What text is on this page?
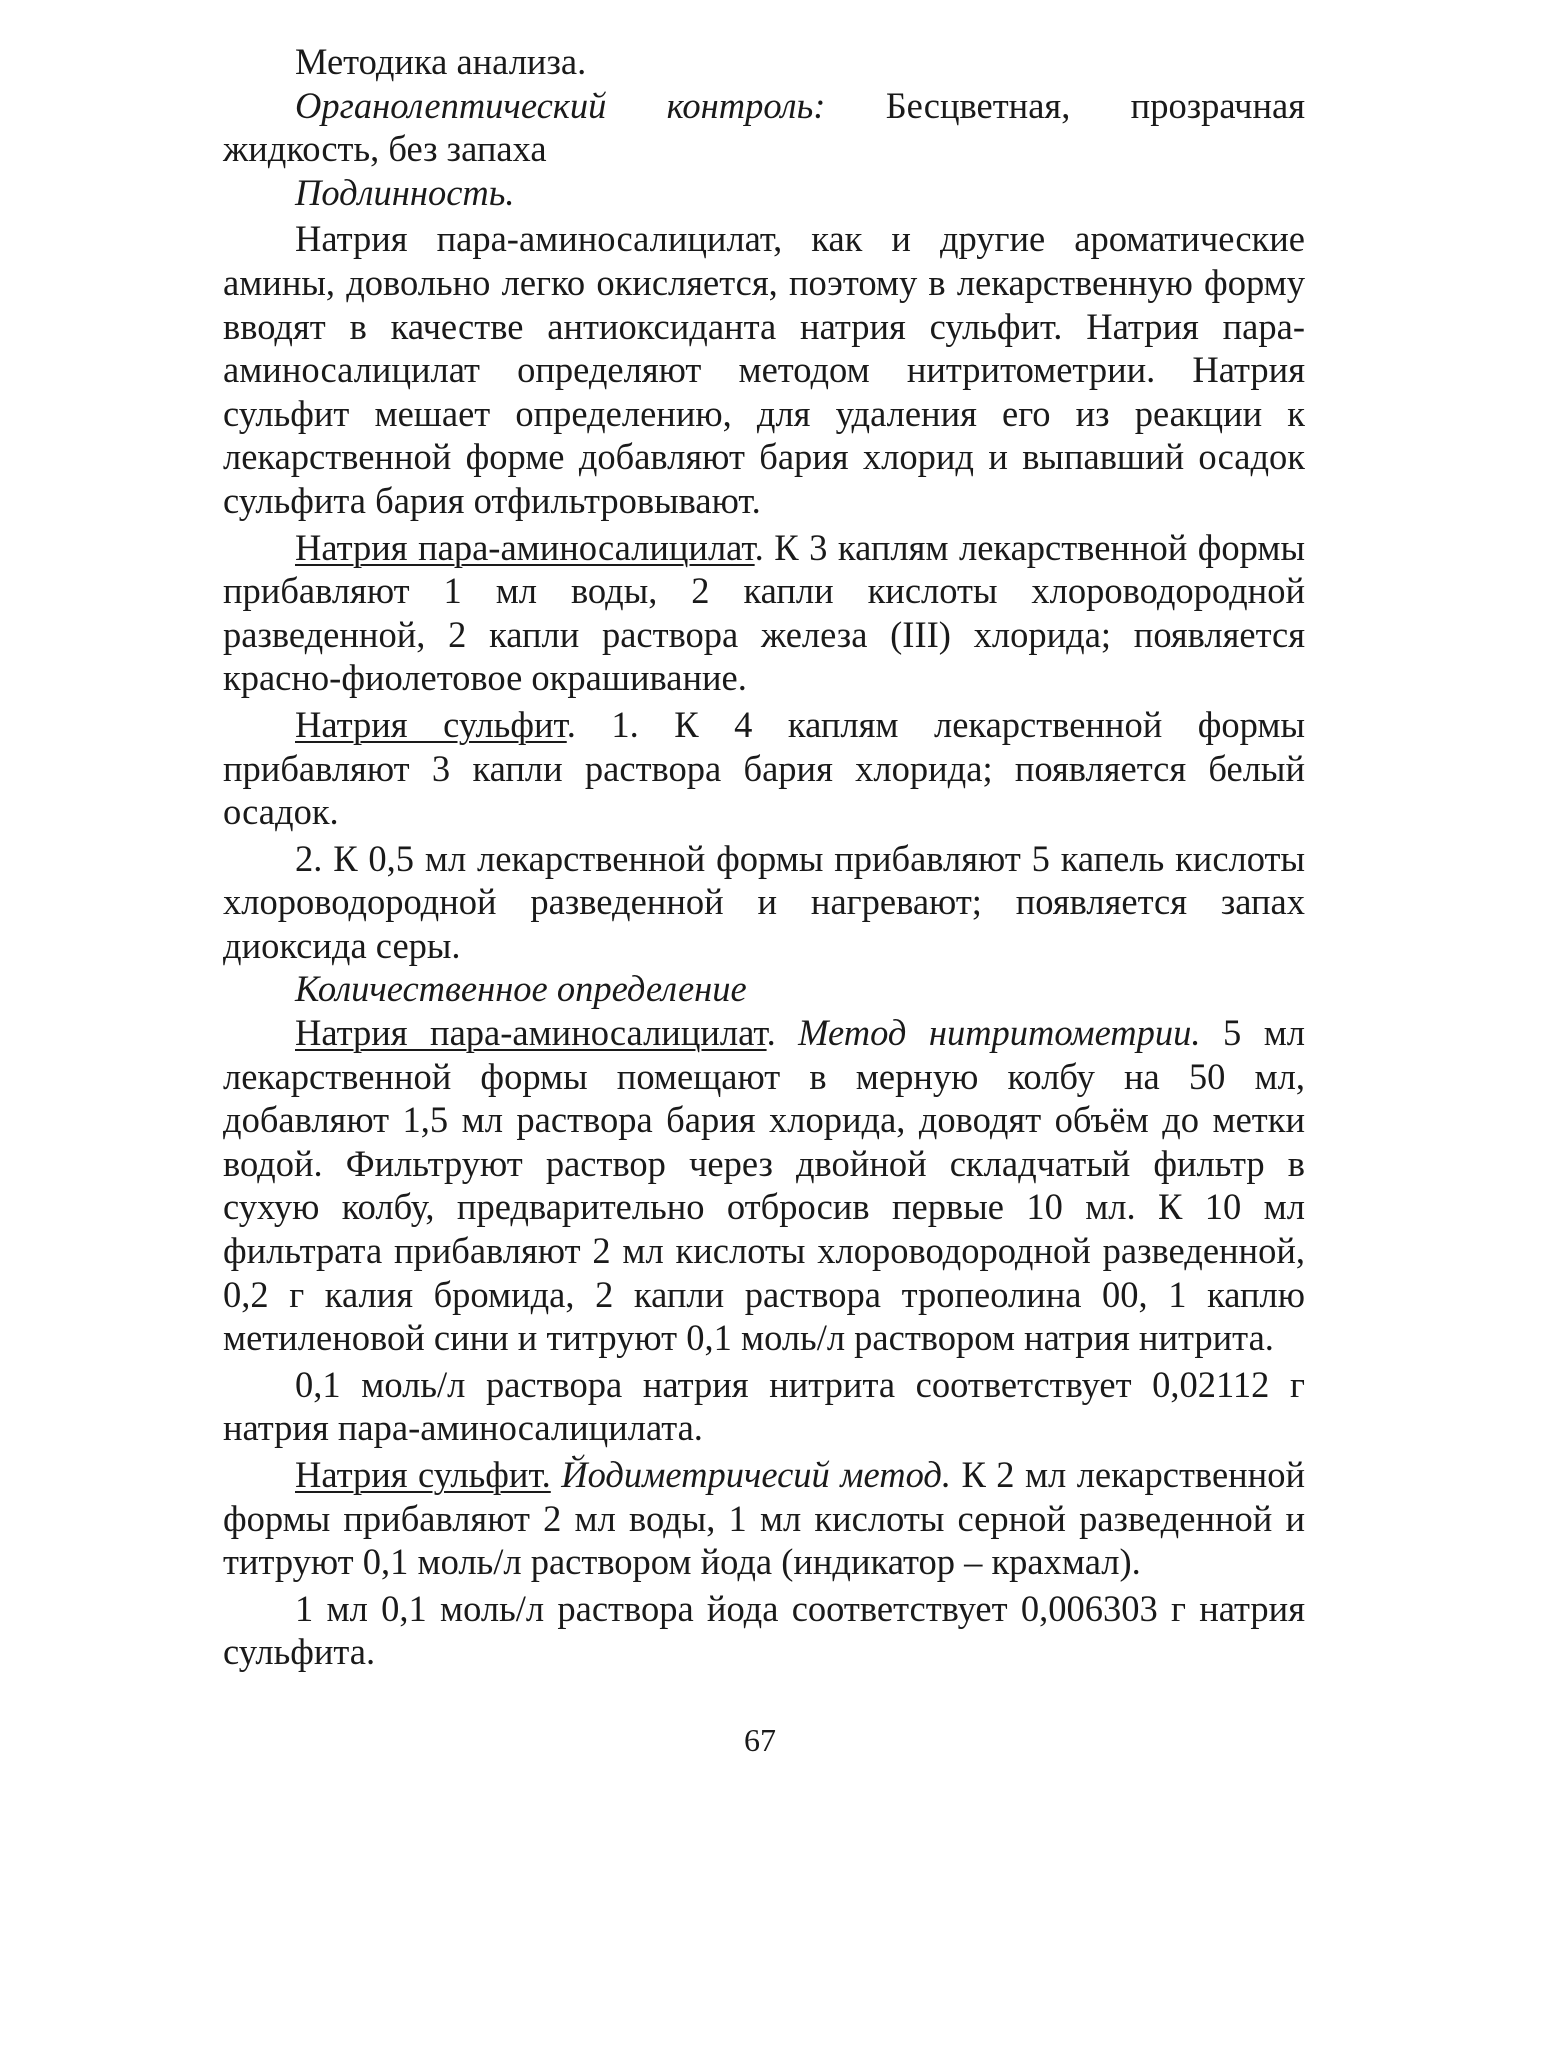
Методика анализа.

Органолептический контроль: Бесцветная, прозрачная жидкость, без запаха

Подлинность.

Натрия пара-аминосалицилат, как и другие ароматические амины, довольно легко окисляется, поэтому в лекарственную форму вводят в качестве антиоксиданта натрия сульфит. Натрия пара-аминосалицилат определяют методом нитритометрии. Натрия сульфит мешает определению, для удаления его из реакции к лекарственной форме добавляют бария хлорид и выпавший осадок сульфита бария отфильтровывают.

Натрия пара-аминосалицилат. К 3 каплям лекарственной формы прибавляют 1 мл воды, 2 капли кислоты хлороводородной разведенной, 2 капли раствора железа (III) хлорида; появляется красно-фиолетовое окрашивание.

Натрия сульфит. 1. К 4 каплям лекарственной формы прибавляют 3 капли раствора бария хлорида; появляется белый осадок.

2. К 0,5 мл лекарственной формы прибавляют 5 капель кислоты хлороводородной разведенной и нагревают; появляется запах диоксида серы.

Количественное определение

Натрия пара-аминосалицилат. Метод нитритометрии. 5 мл лекарственной формы помещают в мерную колбу на 50 мл, добавляют 1,5 мл раствора бария хлорида, доводят объём до метки водой. Фильтруют раствор через двойной складчатый фильтр в сухую колбу, предварительно отбросив первые 10 мл. К 10 мл фильтрата прибавляют 2 мл кислоты хлороводородной разведенной, 0,2 г калия бромида, 2 капли раствора тропеолина 00, 1 каплю метиленовой сини и титруют 0,1 моль/л раствором натрия нитрита.

0,1 моль/л раствора натрия нитрита соответствует 0,02112 г натрия пара-аминосалицилата.

Натрия сульфит. Йодиметричесий метод. К 2 мл лекарственной формы прибавляют 2 мл воды, 1 мл кислоты серной разведенной и титруют 0,1 моль/л раствором йода (индикатор – крахмал).

1 мл 0,1 моль/л раствора йода соответствует 0,006303 г натрия сульфита.

67
